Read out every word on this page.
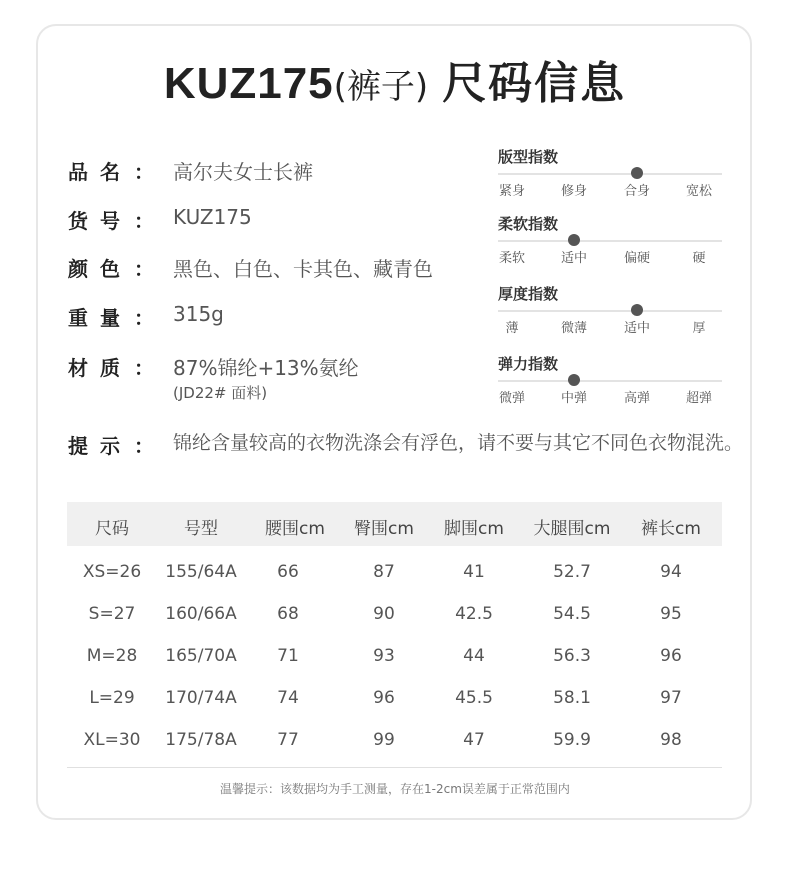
KUZ175(裤子) 尺码信息
品名 ： 高尔夫女士长裤
货号 ： KUZ175
颜色 ： 黑色、白色、卡其色、藏青色
重量 ： 315g
材质 ： 87%锦纶+13%氨纶
(JD22# 面料)
提示 ： 锦纶含量较高的衣物洗涤会有浮色，请不要与其它不同色衣物混洗。
版型指数
紧身	修身	合身	宽松
柔软指数
柔软	适中	偏硬	硬
厚度指数
薄	微薄	适中	厚
弹力指数
微弹	中弹	高弹	超弹
尺码	号型	腰围cm	臀围cm	脚围cm	大腿围cm	裤长cm
XS=26	155/64A	66	87	41	52.7	94
S=27	160/66A	68	90	42.5	54.5	95
M=28	165/70A	71	93	44	56.3	96
L=29	170/74A	74	96	45.5	58.1	97
XL=30	175/78A	77	99	47	59.9	98
温馨提示：该数据均为手工测量，存在1-2cm误差属于正常范围内
